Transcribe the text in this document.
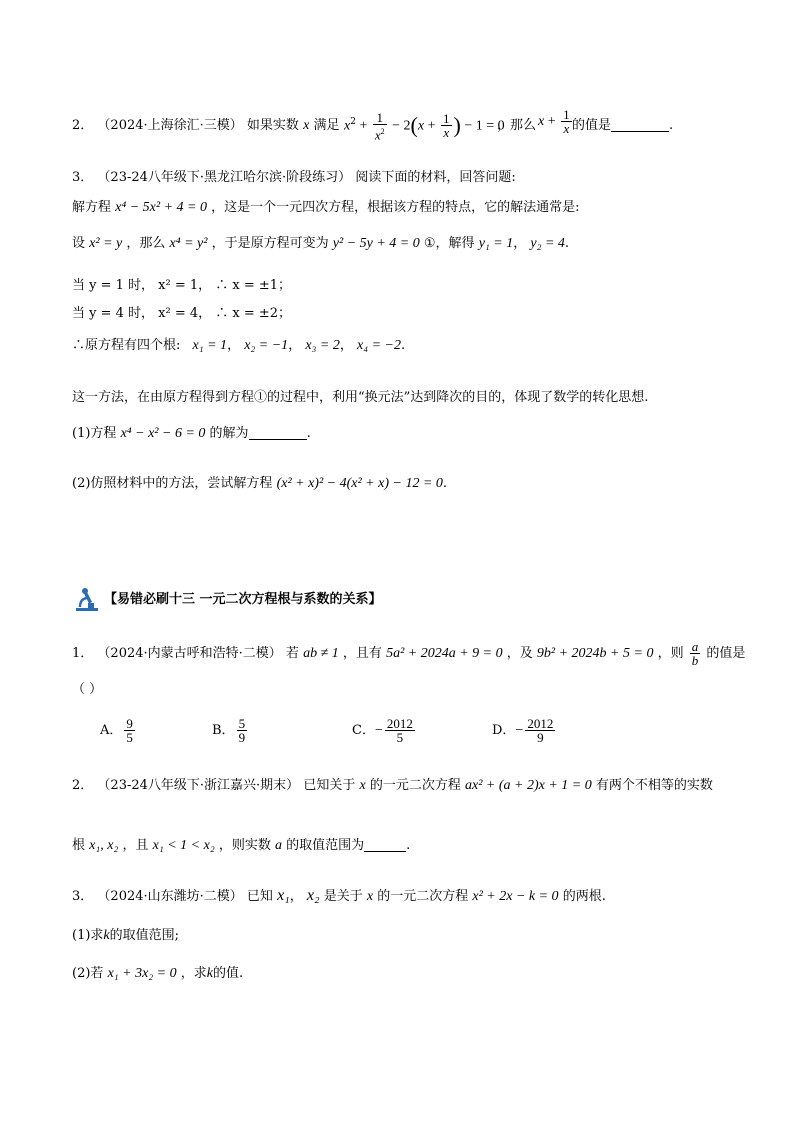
2． （2024·上海徐汇·三模） 如果实数 x 满足 $x^2 + \frac{1}{x^2} - 2(x + \frac{1}{x}$ ) − 1 = 0
，那么 $x + \frac{1}{x}$ 的值是	.
3． （23-24八年级下·黑龙江哈尔滨·阶段练习） 阅读下面的材料，回答问题:
解方程 x⁴ − 5x² + 4 = 0 ，这是一个一元四次方程，根据该方程的特点，它的解法通常是:
设 x² = y ，那么 x⁴ = y² ，于是原方程可变为 y² − 5y + 4 = 0 ①，解得 y₁ = 1， y₂ = 4.
当 y = 1 时， x² = 1， ∴ x = ±1；
当 y = 4 时， x² = 4， ∴ x = ±2；
∴原方程有四个根: x₁ = 1， x₂ = −1， x₃ = 2， x₄ = −2.
这一方法，在由原方程得到方程①的过程中，利用“换元法”达到降次的目的，体现了数学的转化思想.
(1)方程 x⁴ − x² − 6 = 0 的解为	.
(2)仿照材料中的方法，尝试解方程 (x² + x)² − 4(x² + x) − 12 = 0.
【易错必刷十三 一元二次方程根与系数的关系】
1． （2024·内蒙古呼和浩特·二模） 若 ab ≠ 1 ，且有 5a² + 2024a + 9 = 0 ，及 9b² + 2024b + 5 = 0 ，则 $\frac{a}{b}$ 的值是
（ ）
A． $\frac{9}{5}$	B． $\frac{5}{9}$	C．− $\frac{2012}{5}$	D．− $\frac{2012}{9}$
2． （23-24八年级下·浙江嘉兴·期末） 已知关于 x 的一元二次方程 ax² + (a + 2)x + 1 = 0 有两个不相等的实数
根 x₁, x₂ ，且 x₁ < 1 < x₂ ，则实数 a 的取值范围为	.
3． （2024·山东潍坊·二模） 已知 x₁， x₂ 是关于 x 的一元二次方程 x² + 2x − k = 0 的两根.
(1)求k的取值范围;
(2)若 x₁ + 3x₂ = 0 ，求k的值.
